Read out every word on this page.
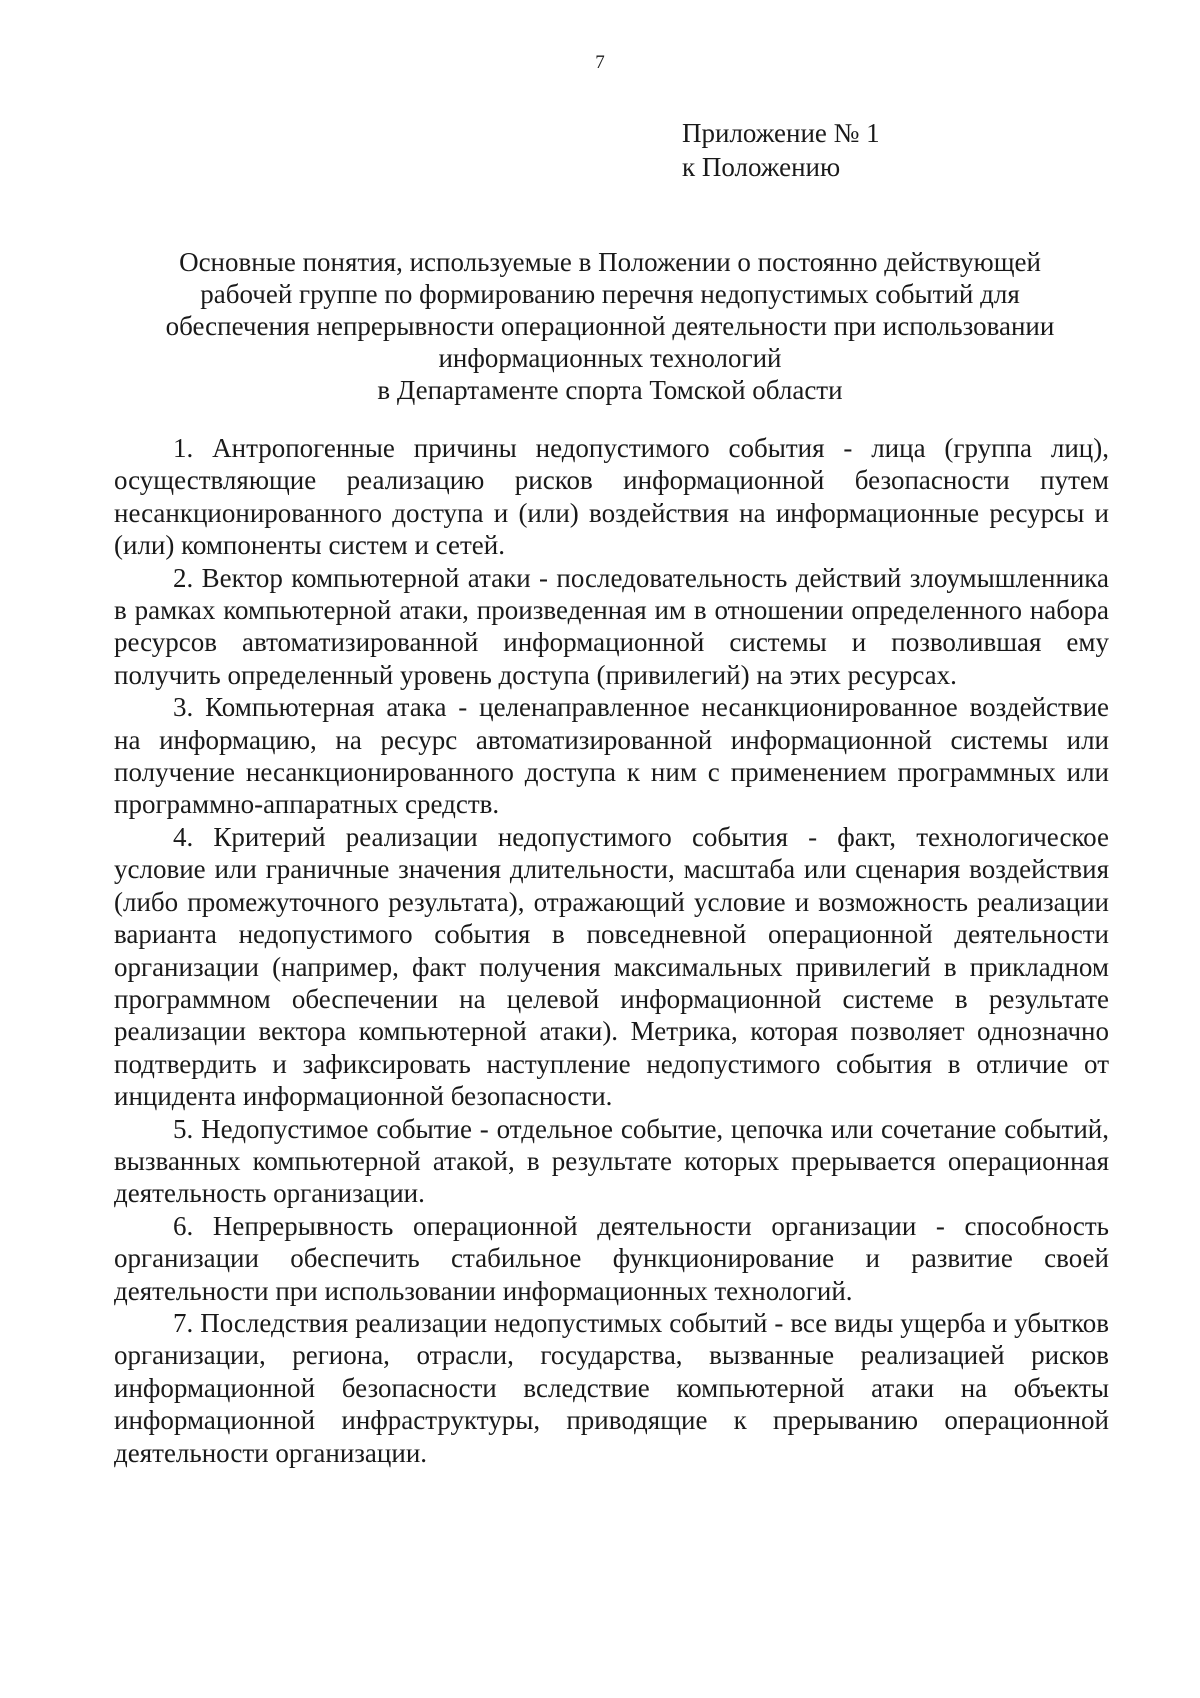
7
Приложение № 1
к Положению
Основные понятия, используемые в Положении о постоянно действующей
рабочей группе по формированию перечня недопустимых событий для
обеспечения непрерывности операционной деятельности при использовании
информационных технологий
в Департаменте спорта Томской области

1. Антропогенные причины недопустимого события - лица (группа лиц), осуществляющие реализацию рисков информационной безопасности путем несанкционированного доступа и (или) воздействия на информационные ресурсы и (или) компоненты систем и сетей.

2. Вектор компьютерной атаки - последовательность действий злоумышленника в рамках компьютерной атаки, произведенная им в отношении определенного набора ресурсов автоматизированной информационной системы и позволившая ему получить определенный уровень доступа (привилегий) на этих ресурсах.

3. Компьютерная атака - целенаправленное несанкционированное воздействие на информацию, на ресурс автоматизированной информационной системы или получение несанкционированного доступа к ним с применением программных или программно-аппаратных средств.

4. Критерий реализации недопустимого события - факт, технологическое условие или граничные значения длительности, масштаба или сценария воздействия (либо промежуточного результата), отражающий условие и возможность реализации варианта недопустимого события в повседневной операционной деятельности организации (например, факт получения максимальных привилегий в прикладном программном обеспечении на целевой информационной системе в результате реализации вектора компьютерной атаки). Метрика, которая позволяет однозначно подтвердить и зафиксировать наступление недопустимого события в отличие от инцидента информационной безопасности.

5. Недопустимое событие - отдельное событие, цепочка или сочетание событий, вызванных компьютерной атакой, в результате которых прерывается операционная деятельность организации.

6. Непрерывность операционной деятельности организации - способность организации обеспечить стабильное функционирование и развитие своей деятельности при использовании информационных технологий.

7. Последствия реализации недопустимых событий - все виды ущерба и убытков организации, региона, отрасли, государства, вызванные реализацией рисков информационной безопасности вследствие компьютерной атаки на объекты информационной инфраструктуры, приводящие к прерыванию операционной деятельности организации.
